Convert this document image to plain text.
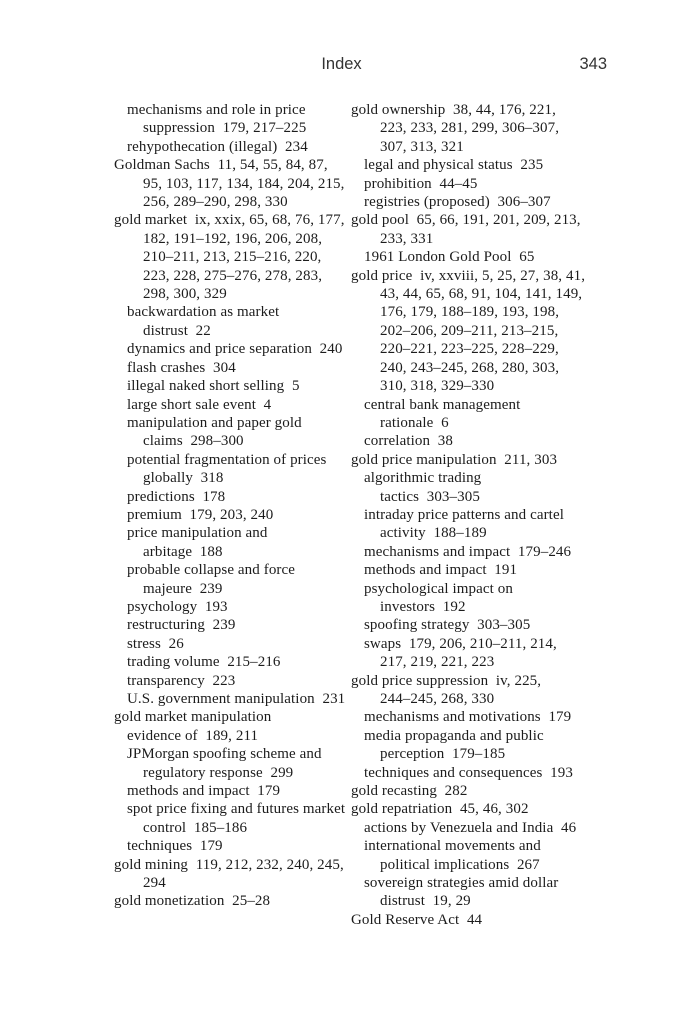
Index	343
mechanisms and role in price
suppression  179, 217–225
rehypothecation (illegal)  234
Goldman Sachs  11, 54, 55, 84, 87,
95, 103, 117, 134, 184, 204, 215,
256, 289–290, 298, 330
gold market  ix, xxix, 65, 68, 76, 177,
182, 191–192, 196, 206, 208,
210–211, 213, 215–216, 220,
223, 228, 275–276, 278, 283,
298, 300, 329
backwardation as market
distrust  22
dynamics and price separation  240
flash crashes  304
illegal naked short selling  5
large short sale event  4
manipulation and paper gold
claims  298–300
potential fragmentation of prices
globally  318
predictions  178
premium  179, 203, 240
price manipulation and
arbitage  188
probable collapse and force
majeure  239
psychology  193
restructuring  239
stress  26
trading volume  215–216
transparency  223
U.S. government manipulation  231
gold market manipulation
evidence of  189, 211
JPMorgan spoofing scheme and
regulatory response  299
methods and impact  179
spot price fixing and futures market
control  185–186
techniques  179
gold mining  119, 212, 232, 240, 245,
294
gold monetization  25–28
gold ownership  38, 44, 176, 221,
223, 233, 281, 299, 306–307,
307, 313, 321
legal and physical status  235
prohibition  44–45
registries (proposed)  306–307
gold pool  65, 66, 191, 201, 209, 213,
233, 331
1961 London Gold Pool  65
gold price  iv, xxviii, 5, 25, 27, 38, 41,
43, 44, 65, 68, 91, 104, 141, 149,
176, 179, 188–189, 193, 198,
202–206, 209–211, 213–215,
220–221, 223–225, 228–229,
240, 243–245, 268, 280, 303,
310, 318, 329–330
central bank management
rationale  6
correlation  38
gold price manipulation  211, 303
algorithmic trading
tactics  303–305
intraday price patterns and cartel
activity  188–189
mechanisms and impact  179–246
methods and impact  191
psychological impact on
investors  192
spoofing strategy  303–305
swaps  179, 206, 210–211, 214,
217, 219, 221, 223
gold price suppression  iv, 225,
244–245, 268, 330
mechanisms and motivations  179
media propaganda and public
perception  179–185
techniques and consequences  193
gold recasting  282
gold repatriation  45, 46, 302
actions by Venezuela and India  46
international movements and
political implications  267
sovereign strategies amid dollar
distrust  19, 29
Gold Reserve Act  44
